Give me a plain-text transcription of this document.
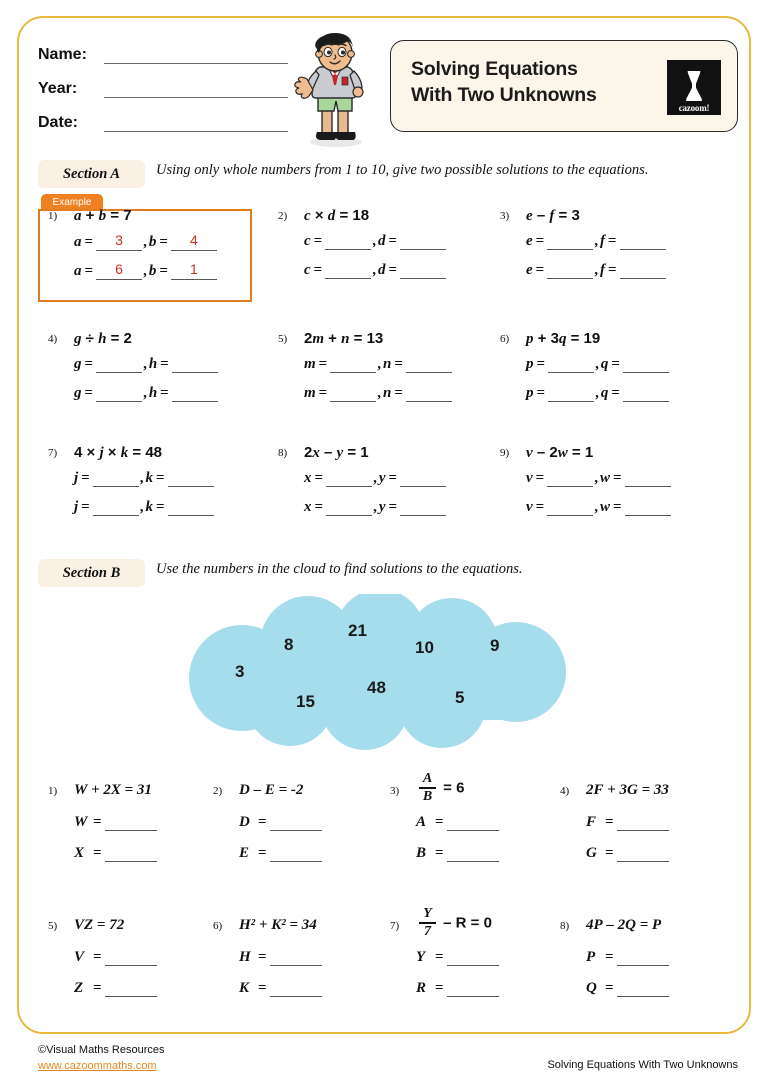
Name:
Year:
Date:
Solving Equations
With Two Unknowns
cazoom!
Section A Using only whole numbers from 1 to 10, give two possible solutions to the equations.
Example
1) a + b = 7
a =	3	, b =	4
a =	6	, b =	1
2) c × d = 18
c =	, d =
c =	, d =
3) e – f = 3
e =	, f =
e =	, f =
4) g ÷ h = 2
g =	, h =
g =	, h =
5) 2m + n = 13
m =	, n =
m =	, n =
6) p + 3q = 19
p =	, q =
p =	, q =
7) 4 × j × k = 48
j =	, k =
j =	, k =
8) 2x – y = 1
x =	, y =
x =	, y =
9) v – 2w = 1
v =	, w =
v =	, w =
Section B Use the numbers in the cloud to find solutions to the equations.
21
8	10	9
3
48
15	5
1) W + 2X = 31
W =
X =
2) D – E = -2
D =
E =
$3) \frac{A}{B} = 6$
A =
B =
4) 2F + 3G = 33
F =
G =
5) VZ = 72
V =
Z =
6) H² + K² = 34
H =
K =
$7) \frac{Y}{7} - R = 0$
Y =
R =
8) 4P – 2Q = P
P =
Q =
©Visual Maths Resources
www.cazoommaths.com	Solving Equations With Two Unknowns
